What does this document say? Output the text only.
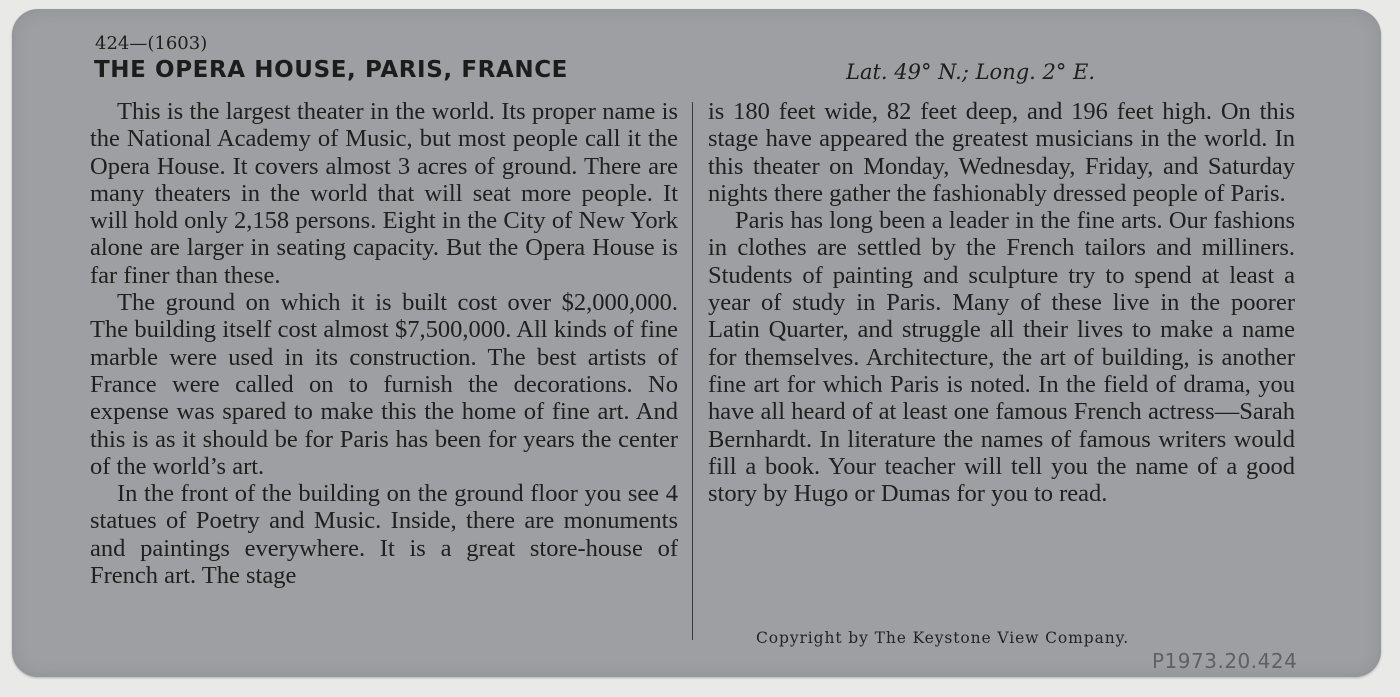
424—(1603)
THE OPERA HOUSE, PARIS, FRANCE	Lat. 49° N.; Long. 2° E.

This is the largest theater in the world. Its proper name is the National Academy of Music, but most people call it the Opera House. It covers almost 3 acres of ground. There are many theaters in the world that will seat more people. It will hold only 2,158 persons. Eight in the City of New York alone are larger in seating capacity. But the Opera House is far finer than these.

The ground on which it is built cost over $2,000,000. The building itself cost almost $7,500,000. All kinds of fine marble were used in its construction. The best artists of France were called on to furnish the decorations. No expense was spared to make this the home of fine art. And this is as it should be for Paris has been for years the center of the world’s art.

In the front of the building on the ground floor you see 4 statues of Poetry and Music. Inside, there are monuments and paintings everywhere. It is a great store-house of French art. The stage

is 180 feet wide, 82 feet deep, and 196 feet high. On this stage have appeared the greatest musicians in the world. In this theater on Monday, Wednesday, Friday, and Saturday nights there gather the fashionably dressed people of Paris.

Paris has long been a leader in the fine arts. Our fashions in clothes are settled by the French tailors and milliners. Students of painting and sculpture try to spend at least a year of study in Paris. Many of these live in the poorer Latin Quarter, and struggle all their lives to make a name for themselves. Architecture, the art of building, is another fine art for which Paris is noted. In the field of drama, you have all heard of at least one famous French actress—Sarah Bernhardt. In literature the names of famous writers would fill a book. Your teacher will tell you the name of a good story by Hugo or Dumas for you to read.

Copyright by The Keystone View Company.
P1973.20.424
